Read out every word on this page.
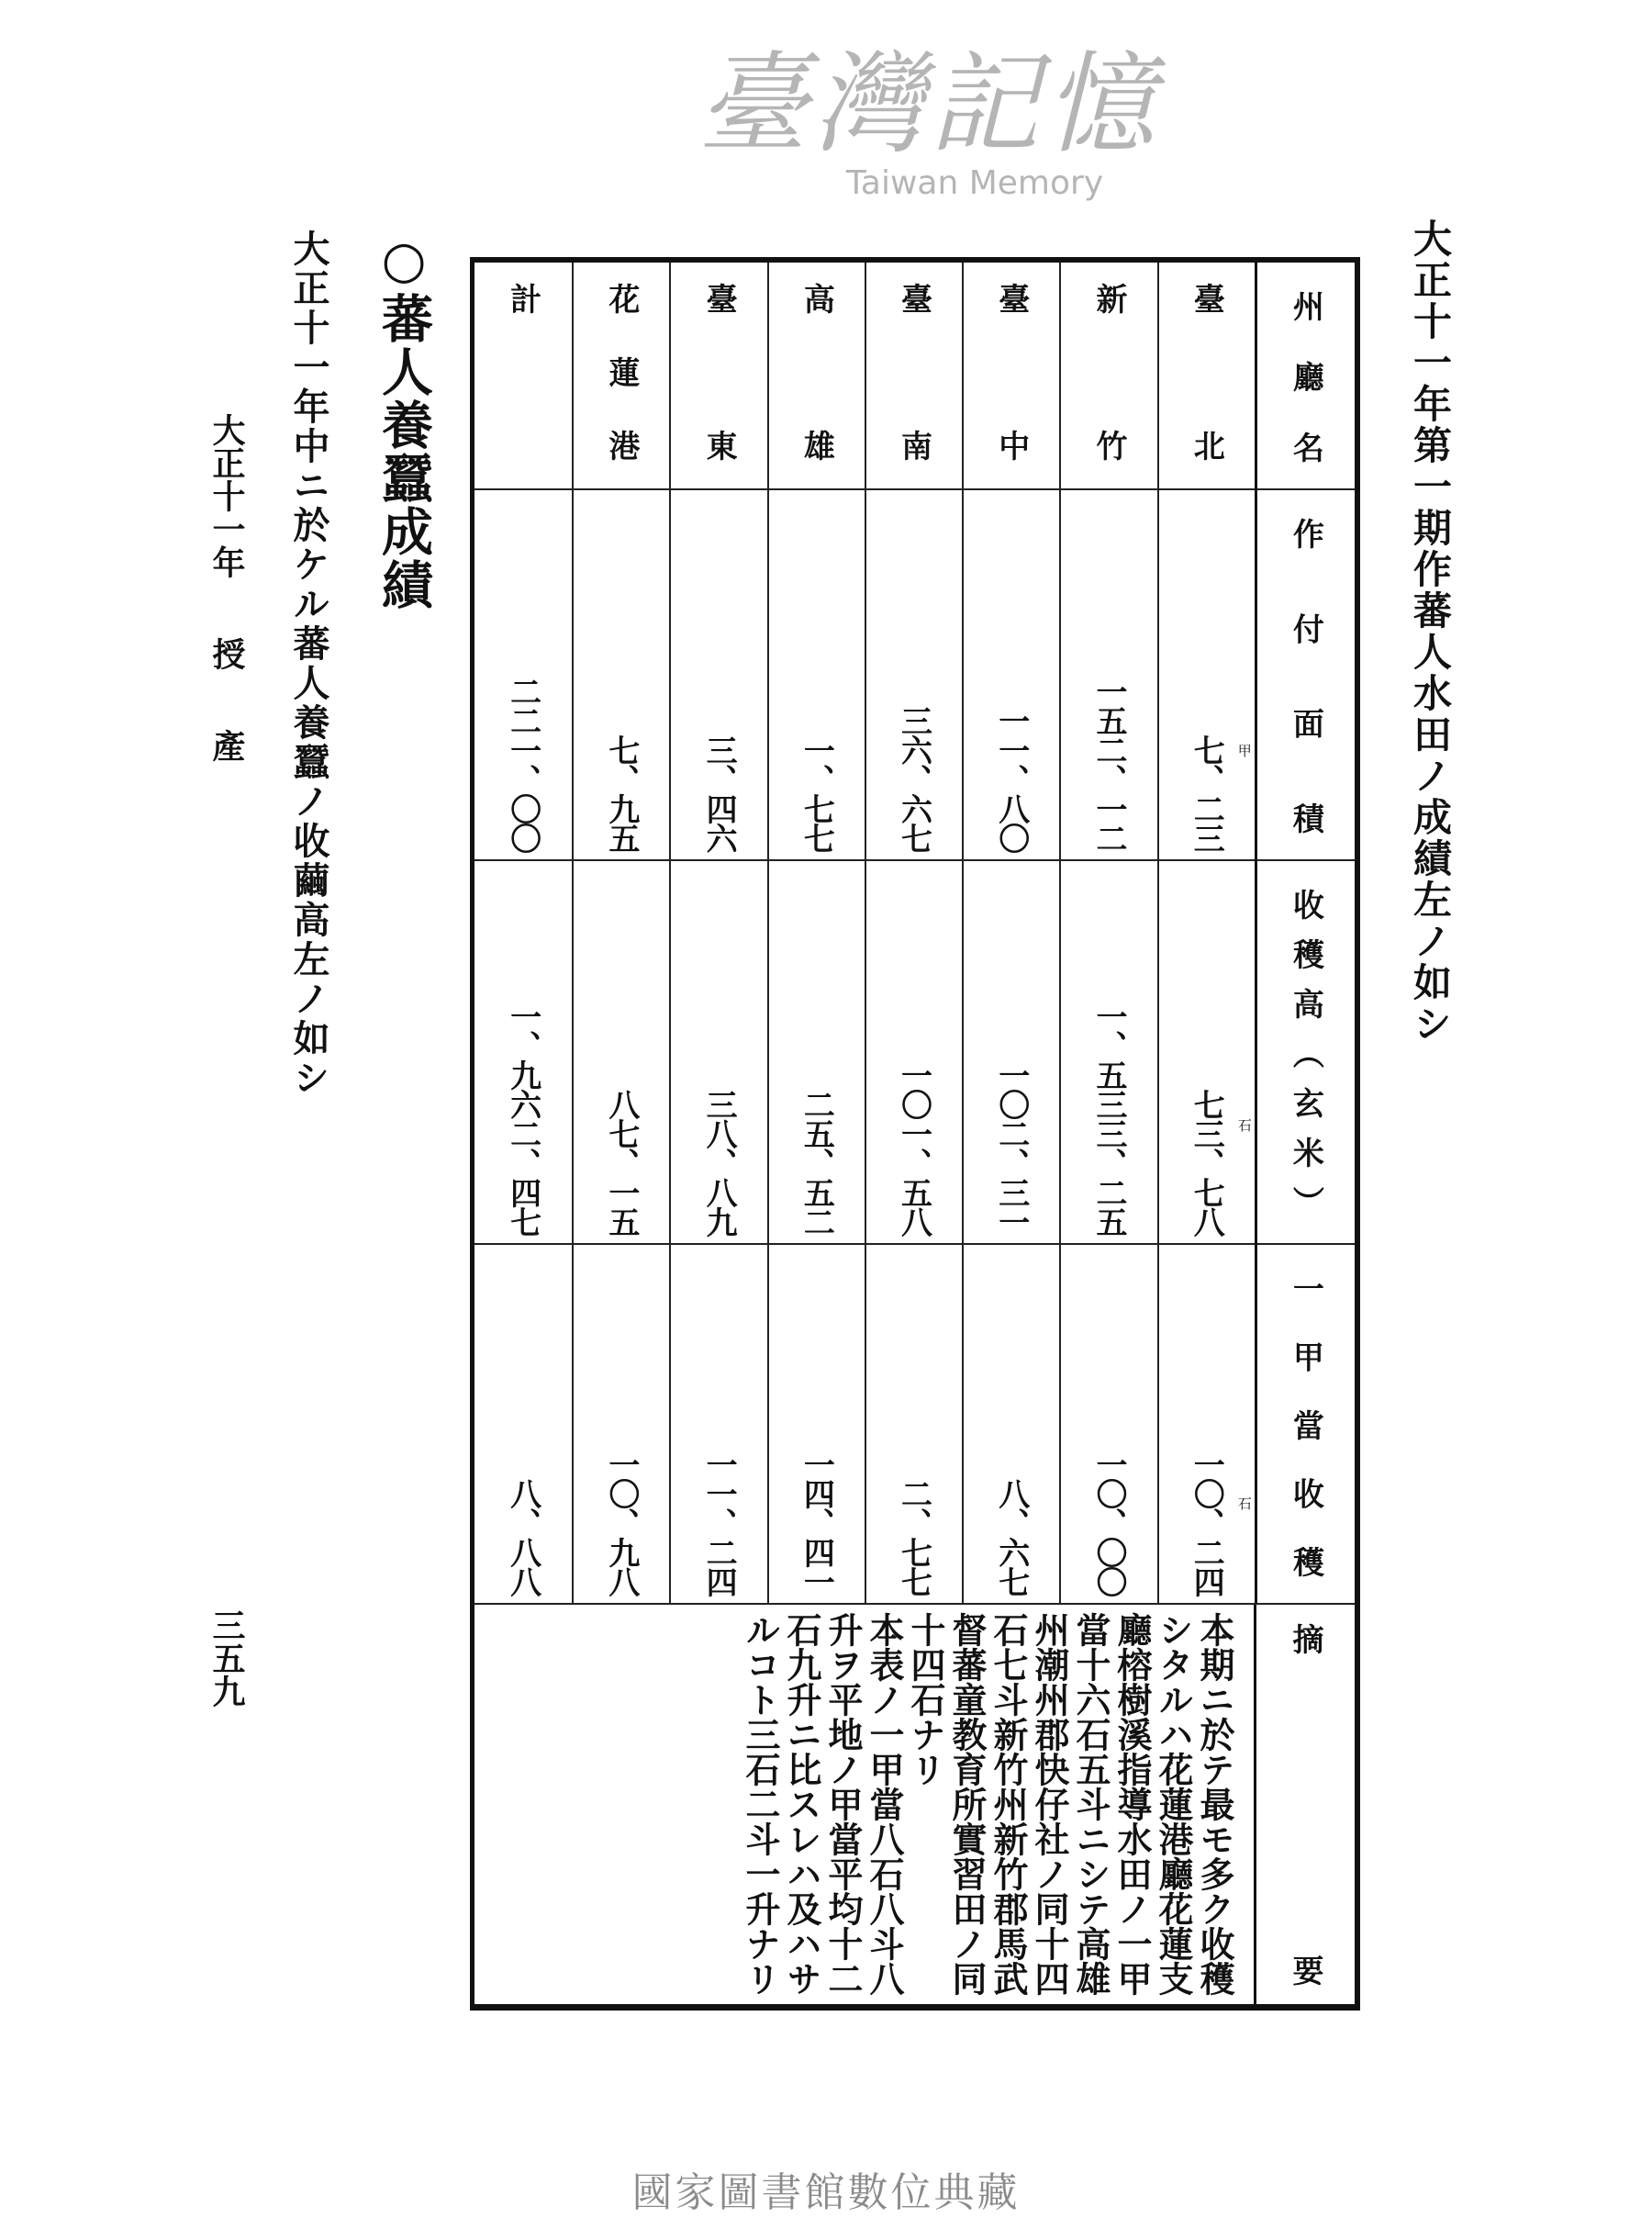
大正十一年第一期作蕃人水田ノ成績左ノ如シ
州廳名
作付面積
收穫高（玄米）
一甲當收穫
臺北
七、二三 甲
七三、七八 石
一〇、二四 石
新竹
一五二、一二
一、五三三、二五
一〇、〇〇
臺中
一一、八〇
一〇二、三一
八、六七
臺南
三六、六七
一〇一、五八
二、七七
高雄
一、七七
二五、五二
一四、四一
臺東
三、四六
三八、八九
一一、二四
花蓮港
七、九五
八七、一五
一〇、九八
計
二二一、〇〇
一、九六二、四七
八、八八
摘要
本期ニ於テ最モ多ク收穫
シタルハ花蓮港廳花蓮支
廳榕樹溪指導水田ノ一甲
當十六石五斗ニシテ高雄
州潮州郡快仔社ノ同十四
石七斗新竹州新竹郡馬武
督蕃童教育所實習田ノ同
十四石ナリ
本表ノ一甲當八石八斗八
升ヲ平地ノ甲當平均十二
石九升ニ比スレハ及ハサ
ルコト三石二斗一升ナリ
○蕃人養蠶成績
大正十一年中ニ於ケル蕃人養蠶ノ收繭高左ノ如シ
大正十一年
授
產
三五九
臺灣記憶
Taiwan Memory
國家圖書館數位典藏
